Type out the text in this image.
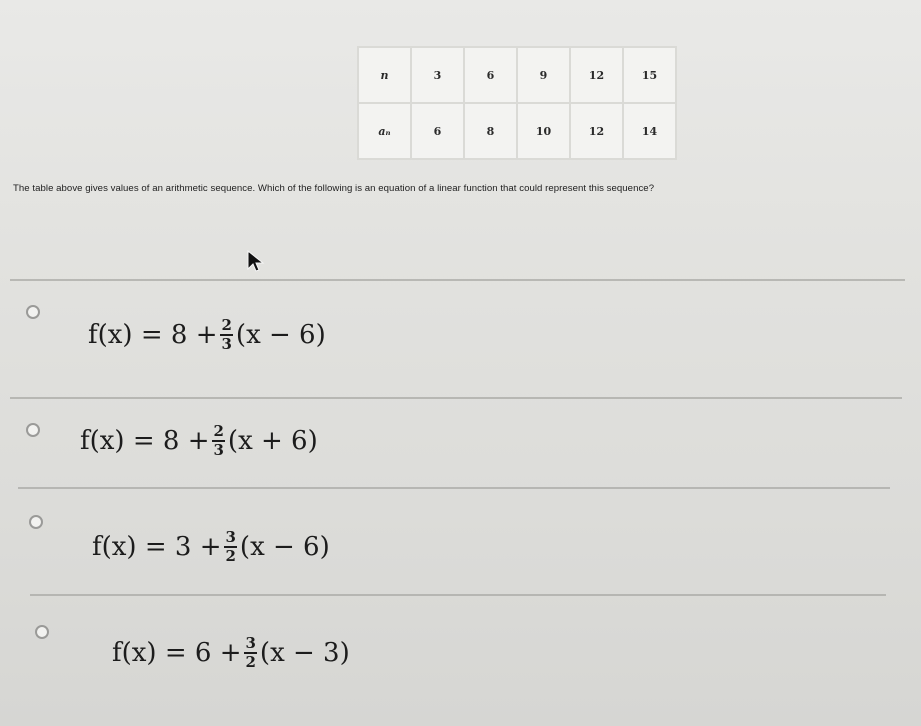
n	3	6	9	12	15
aₙ	6	8	10	12	14
The table above gives values of an arithmetic sequence. Which of the following is an equation of a linear function that could represent this sequence?
$f(x) = 8 + \frac{2}{3} (x - 6)$
$f(x) = 8 + \frac{2}{3} (x + 6)$
$f(x) = 3 + \frac{3}{2} (x - 6)$
$f(x) = 6 + \frac{3}{2} (x - 3)$
